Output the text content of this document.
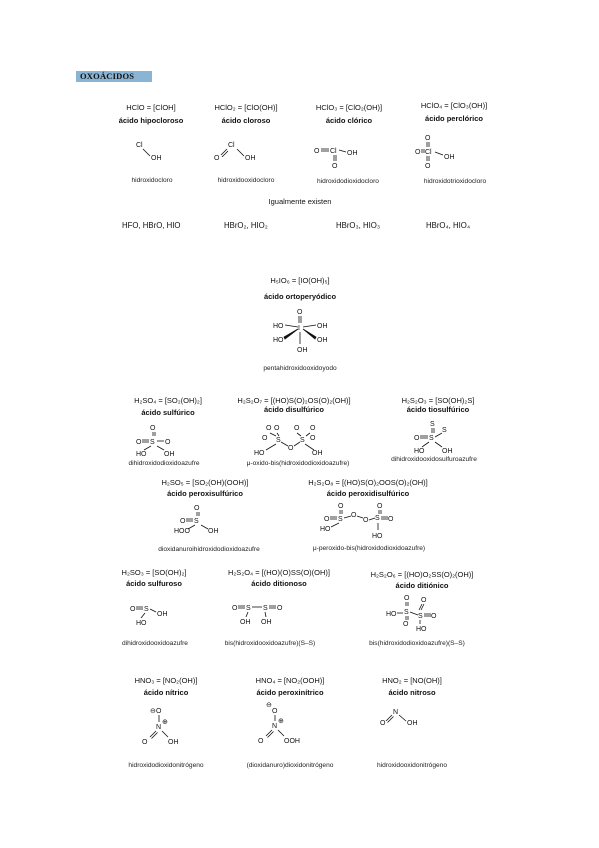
OXOÁCIDOS
HClO = [ClOH]
ácido hipocloroso
HClO₂ = [ClO(OH)]
ácido cloroso
HClO₃ = [ClO₂(OH)]
ácido clórico
HClO₄ = [ClO₃(OH)]
ácido perclórico
Cl
OH	O
Cl
OH
O Cl OH
O
O
O Cl
OH
O
hidroxidocloro	hidroxidooxidocloro	hidroxidodioxidocloro	hidroxidotrioxidocloro
Igualmente existen
HFO, HBrO, HIO	HBrO₂, HIO₂	HBrO₃, HIO₃	HBrO₄, HIO₄
H₅IO₆ = [IO(OH)₅]
ácido ortoperyódico
O
HO I OH
HO	OH
OH
pentahidroxidooxidoyodo
H₂SO₄ = [SO₂(OH)₂]
ácido sulfúrico
H₂S₂O₇ = [(HO)S(O)₂OS(O)₂(OH)]
ácido disulfúrico
H₂S₂O₃ = [SO(OH)₂S]
ácido tiosulfúrico
O
O S O
HO	OH
O O O O
O S
O
S O
HO	OH
S
O S
S
HO	OH
dihidroxidodioxidoazufre	μ-oxido-bis(hidroxidodioxidoazufre)
dihidroxidooxidosulfuroazufre
H₂SO₅ = [SO₂(OH)(OOH)]
ácido peroxisulfúrico
H₂S₂O₈ = [(HO)S(O)₂OOS(O)₂(OH)]
ácido peroxidisulfúrico
O
O S
HOO	OH
O
O S
O
O S O
O
HO
HO
dioxidanuroihidroxidodioxidoazufre	μ-peroxido-bis(hidroxidodioxidoazufre)
H₂SO₃ = [SO(OH)₂]
ácido sulfuroso
H₂S₂O₄ = [(HO)(O)SS(O)(OH)]
ácido ditionoso
H₂S₂O₆ = [(HO)O₂SS(O)₂(OH)]
ácido ditiónico
O S
OH
HO
O S S O
OH OH
O
HO S
S O
O
O
HO
dihidroxidooxidoazufre	bis(hidroxidooxidoazufre)(S–S)	bis(hidroxidodioxidoazufre)(S–S)
HNO₃ = [NO₂(OH)]
ácido nítrico
HNO₄ = [NO₂(OOH)]
ácido peroxinítrico
HNO₂ = [NO(OH)]
ácido nitroso
⊖ O
N
⊕
O	OH
⊖
O
N
⊕
O	OOH
O
N
OH
hidroxidodioxidonitrógeno	(dioxidanuro)dioxidonitrógeno	hidroxidooxidonitrógeno
